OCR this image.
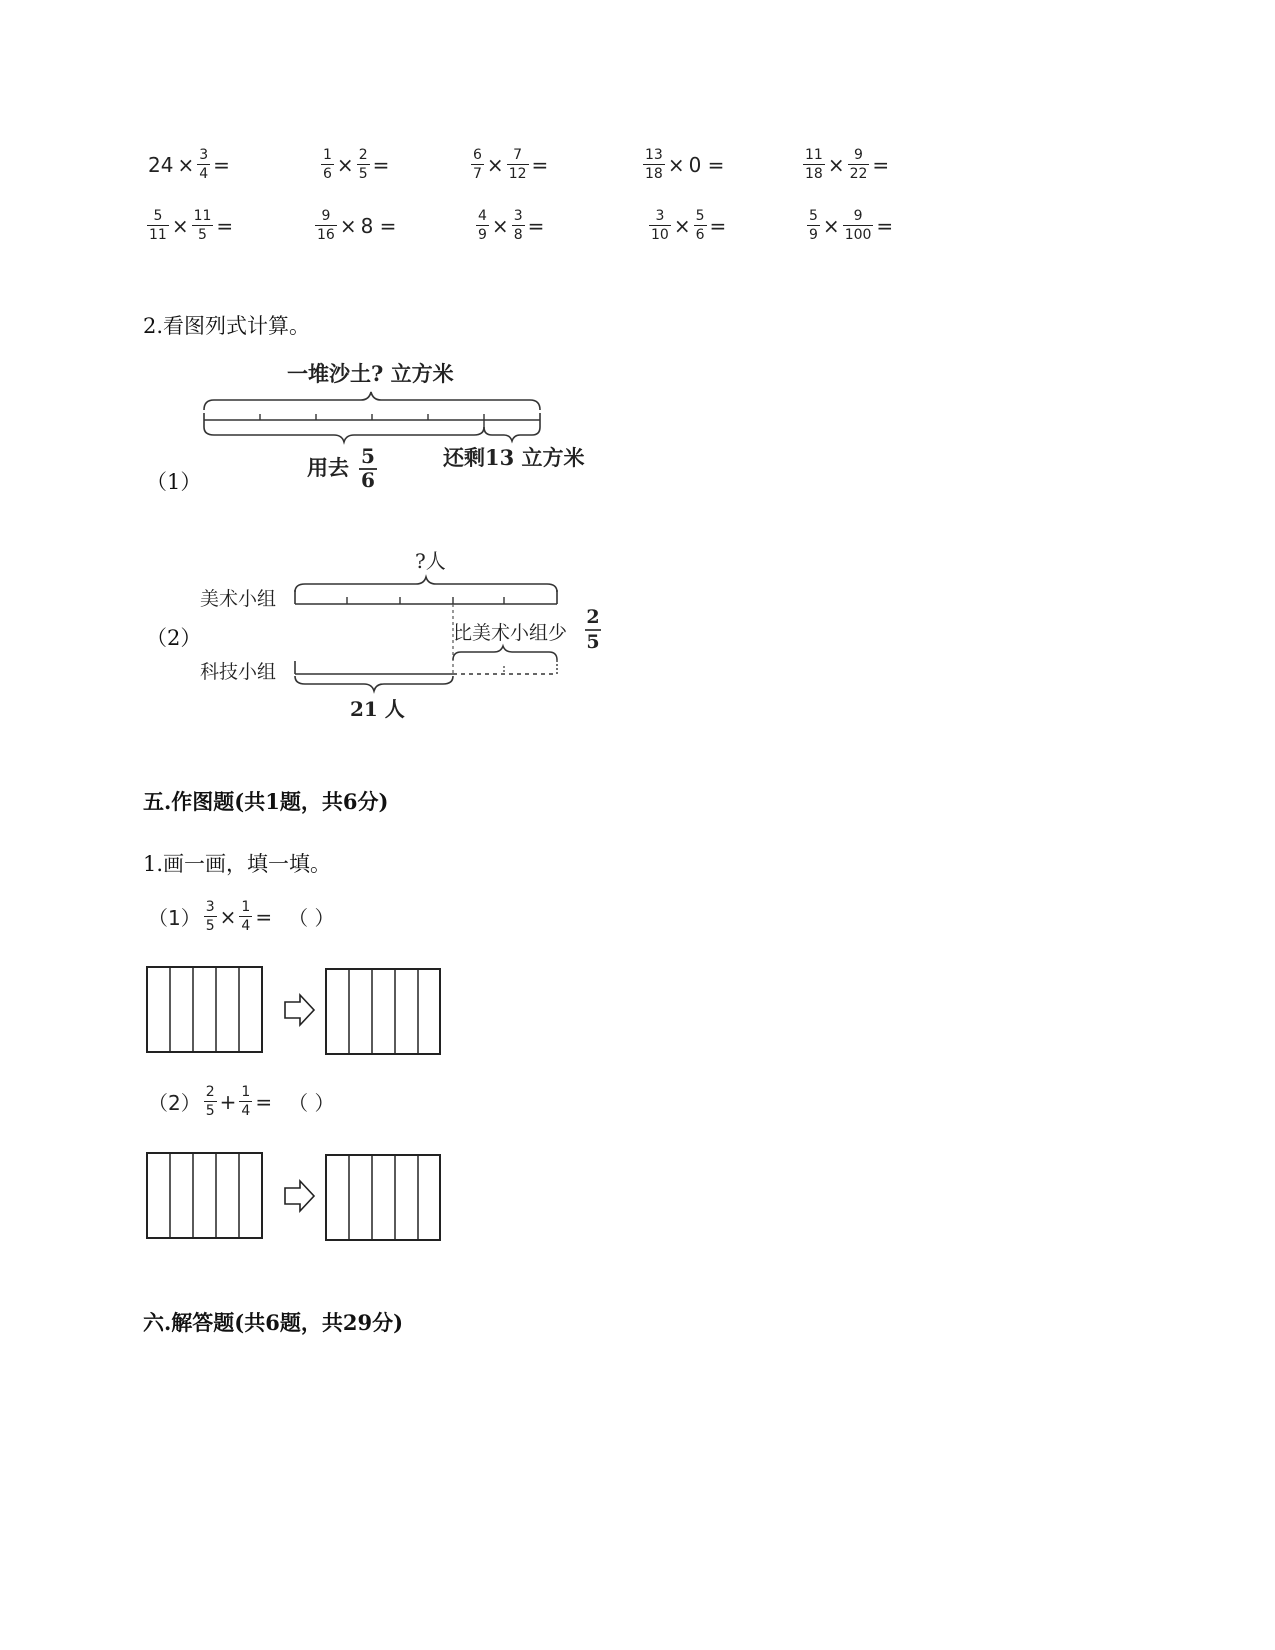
$24 \times \frac{3}{4}$ =	$\frac{1}{6} \times \frac{2}{5}$ =	$\frac{6}{7} \times \frac{7}{12}$ =	$\frac{13}{18} \times 0$ =	$\frac{11}{18} \times \frac{9}{22}$ =
$\frac{5}{11} \times \frac{11}{5}$ =	$\frac{9}{16} \times 8$ =	$\frac{4}{9} \times \frac{3}{8}$ =	$\frac{3}{10} \times \frac{5}{6}$ =	$\frac{5}{9} \times \frac{9}{100}$ =
2.看图列式计算。
（1）
一堆沙土? 立方米
用去 5
6
还剩13 立方米
（2）
?人
美术小组
比美术小组少
2
5
科技小组
21 人
五.作图题(共1题，共6分)
1.画一画，填一填。
$(1) \frac{3}{5} \times \frac{1}{4}$ = （ ）
$(2) \frac{2}{5} + \frac{1}{4}$ = （ ）
六.解答题(共6题，共29分)
